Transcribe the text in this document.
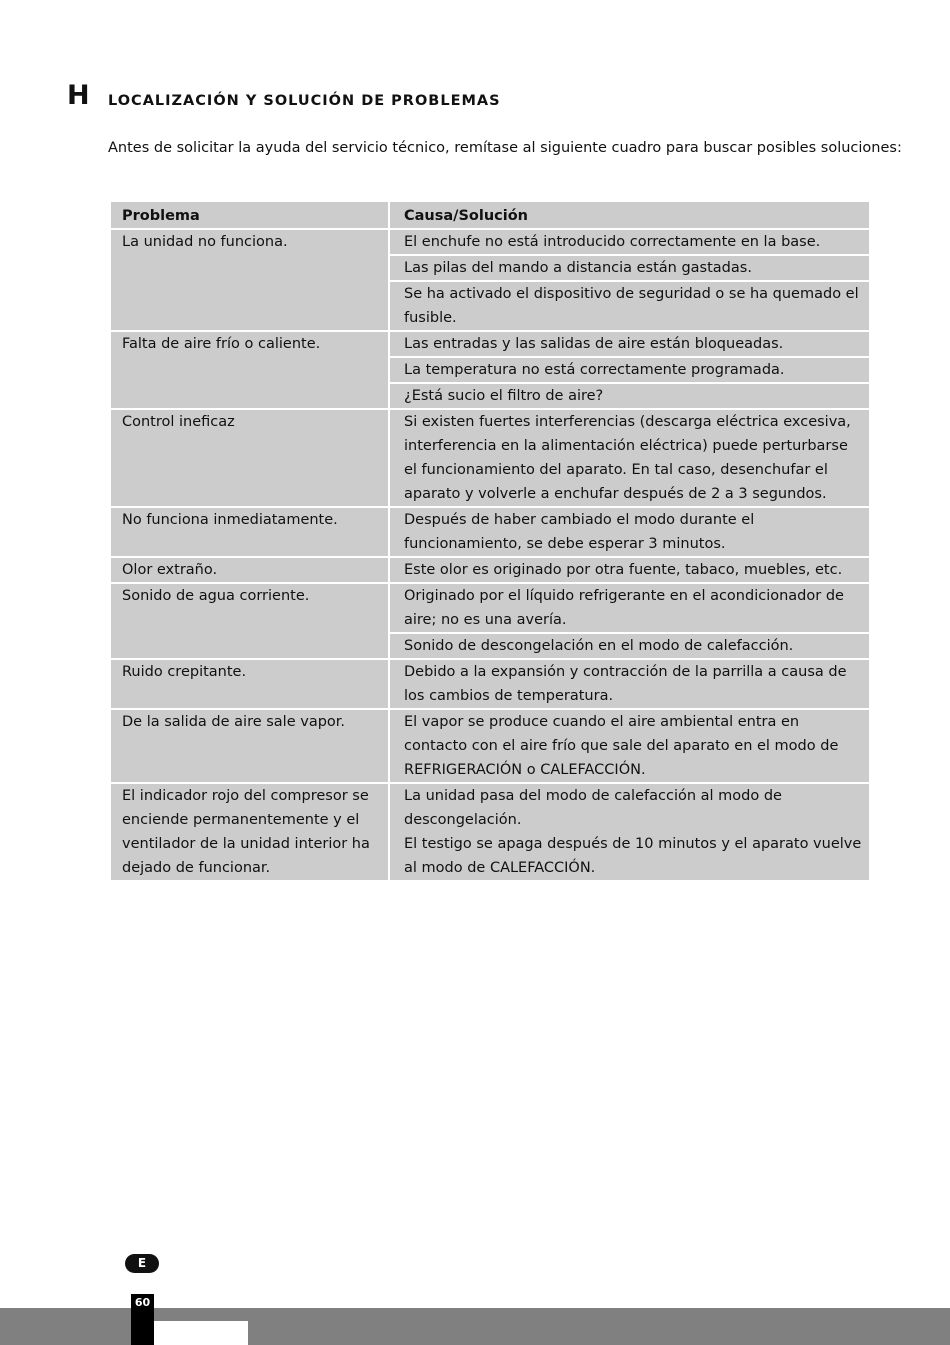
H LOCALIZACIÓN Y SOLUCIÓN DE PROBLEMAS
Antes de solicitar la ayuda del servicio técnico, remítase al siguiente cuadro para buscar posibles soluciones:
Problema	Causa/Solución
La unidad no funciona.	El enchufe no está introducido correctamente en la base.
	Las pilas del mando a distancia están gastadas.
	Se ha activado el dispositivo de seguridad o se ha quemado el fusible.
Falta de aire frío o caliente.	Las entradas y las salidas de aire están bloqueadas.
	La temperatura no está correctamente programada.
	¿Está sucio el filtro de aire?
Control ineficaz	Si existen fuertes interferencias (descarga eléctrica excesiva, interferencia en la alimentación eléctrica) puede perturbarse el funcionamiento del aparato. En tal caso, desenchufar el aparato y volverle a enchufar después de 2 a 3 segundos.
No funciona inmediatamente.	Después de haber cambiado el modo durante el funcionamiento, se debe esperar 3 minutos.
Olor extraño.	Este olor es originado por otra fuente, tabaco, muebles, etc.
Sonido de agua corriente.	Originado por el líquido refrigerante en el acondicionador de aire; no es una avería.
	Sonido de descongelación en el modo de calefacción.
Ruido crepitante.	Debido a la expansión y contracción de la parrilla a causa de los cambios de temperatura.
De la salida de aire sale vapor.	El vapor se produce cuando el aire ambiental entra en contacto con el aire frío que sale del aparato en el modo de REFRIGERACIÓN o CALEFACCIÓN.
El indicador rojo del compresor se enciende permanentemente y el ventilador de la unidad interior ha dejado de funcionar.	La unidad pasa del modo de calefacción al modo de descongelación.
El testigo se apaga después de 10 minutos y el aparato vuelve al modo de CALEFACCIÓN.
E
60
